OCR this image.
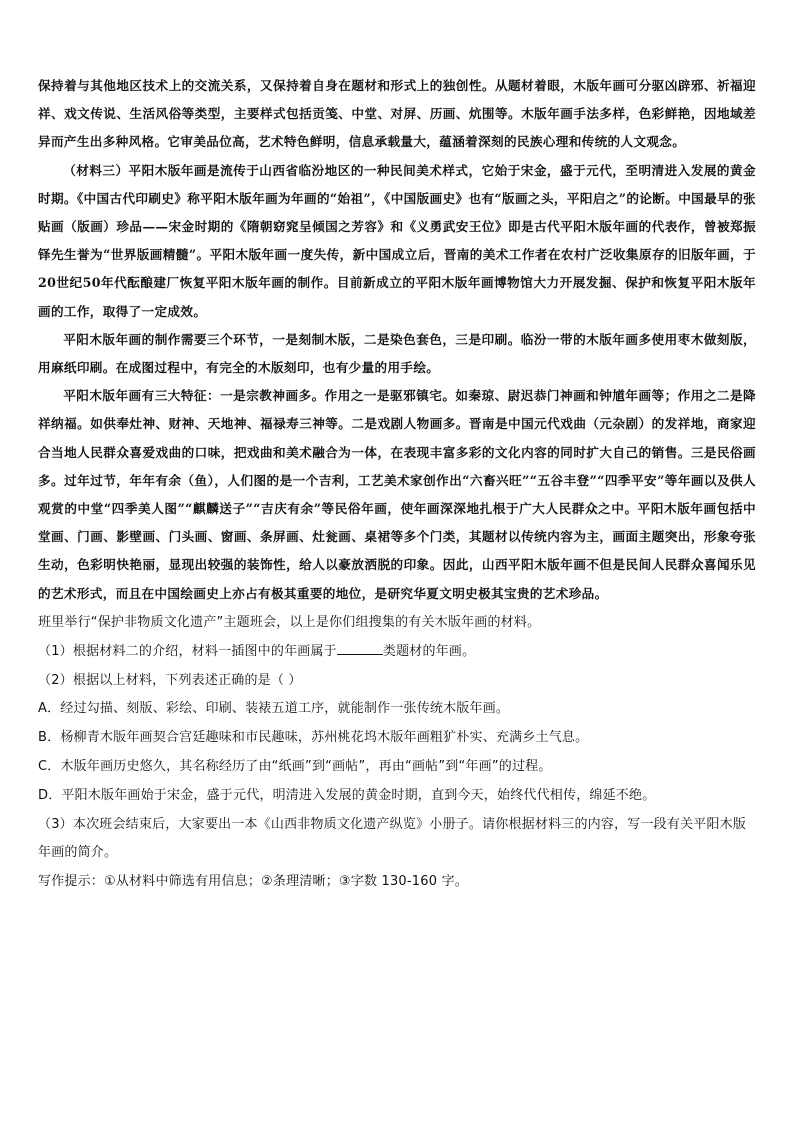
保持着与其他地区技术上的交流关系，又保持着自身在题材和形式上的独创性。从题材着眼，木版年画可分驱凶辟邪、祈福迎祥、戏文传说、生活风俗等类型，主要样式包括贡笺、中堂、对屏、历画、炕围等。木版年画手法多样，色彩鲜艳，因地域差异而产生出多种风格。它审美品位高，艺术特色鲜明，信息承载量大，蕴涵着深刻的民族心理和传统的人文观念。

（材料三）平阳木版年画是流传于山西省临汾地区的一种民间美术样式，它始于宋金，盛于元代，至明清进入发展的黄金时期。《中国古代印刷史》称平阳木版年画为年画的“始祖”，《中国版画史》也有“版画之头，平阳启之”的论断。中国最早的张贴画（版画）珍品——宋金时期的《隋朝窈窕呈倾国之芳容》和《义勇武安王位》即是古代平阳木版年画的代表作，曾被郑振铎先生誉为“世界版画精髓”。平阳木版年画一度失传，新中国成立后，晋南的美术工作者在农村广泛收集原存的旧版年画，于20世纪50年代酝酿建厂恢复平阳木版年画的制作。目前新成立的平阳木版年画博物馆大力开展发掘、保护和恢复平阳木版年画的工作，取得了一定成效。

平阳木版年画的制作需要三个环节，一是刻制木版，二是染色套色，三是印刷。临汾一带的木版年画多使用枣木做刻版，用麻纸印刷。在成图过程中，有完全的木版刻印，也有少量的用手绘。

平阳木版年画有三大特征：一是宗教神画多。作用之一是驱邪镇宅。如秦琼、尉迟恭门神画和钟馗年画等；作用之二是降祥纳福。如供奉灶神、财神、天地神、福禄寿三神等。二是戏剧人物画多。晋南是中国元代戏曲（元杂剧）的发祥地，商家迎合当地人民群众喜爱戏曲的口味，把戏曲和美术融合为一体，在表现丰富多彩的文化内容的同时扩大自己的销售。三是民俗画多。过年过节，年年有余（鱼），人们图的是一个吉利，工艺美术家创作出“六畜兴旺”“五谷丰登”“四季平安”等年画以及供人观赏的中堂“四季美人图”“麒麟送子”“吉庆有余”等民俗年画，使年画深深地扎根于广大人民群众之中。平阳木版年画包括中堂画、门画、影壁画、门头画、窗画、条屏画、灶瓮画、桌裙等多个门类，其题材以传统内容为主，画面主题突出，形象夸张生动，色彩明快艳丽，显现出较强的装饰性，给人以豪放洒脱的印象。因此，山西平阳木版年画不但是民间人民群众喜闻乐见的艺术形式，而且在中国绘画史上亦占有极其重要的地位，是研究华夏文明史极其宝贵的艺术珍品。

班里举行“保护非物质文化遗产”主题班会，以上是你们组搜集的有关木版年画的材料。

（1）根据材料二的介绍，材料一插图中的年画属于	类题材的年画。

（2）根据以上材料，下列表述正确的是（ ）

A．经过勾描、刻版、彩绘、印刷、装裱五道工序，就能制作一张传统木版年画。

B．杨柳青木版年画契合宫廷趣味和市民趣味，苏州桃花坞木版年画粗犷朴实、充满乡土气息。

C．木版年画历史悠久，其名称经历了由“纸画”到“画帖”，再由“画帖”到“年画”的过程。

D．平阳木版年画始于宋金，盛于元代，明清进入发展的黄金时期，直到今天，始终代代相传，绵延不绝。

（3）本次班会结束后，大家要出一本《山西非物质文化遗产纵览》小册子。请你根据材料三的内容，写一段有关平阳木版年画的简介。

写作提示：①从材料中筛选有用信息；②条理清晰；③字数 130-160 字。
